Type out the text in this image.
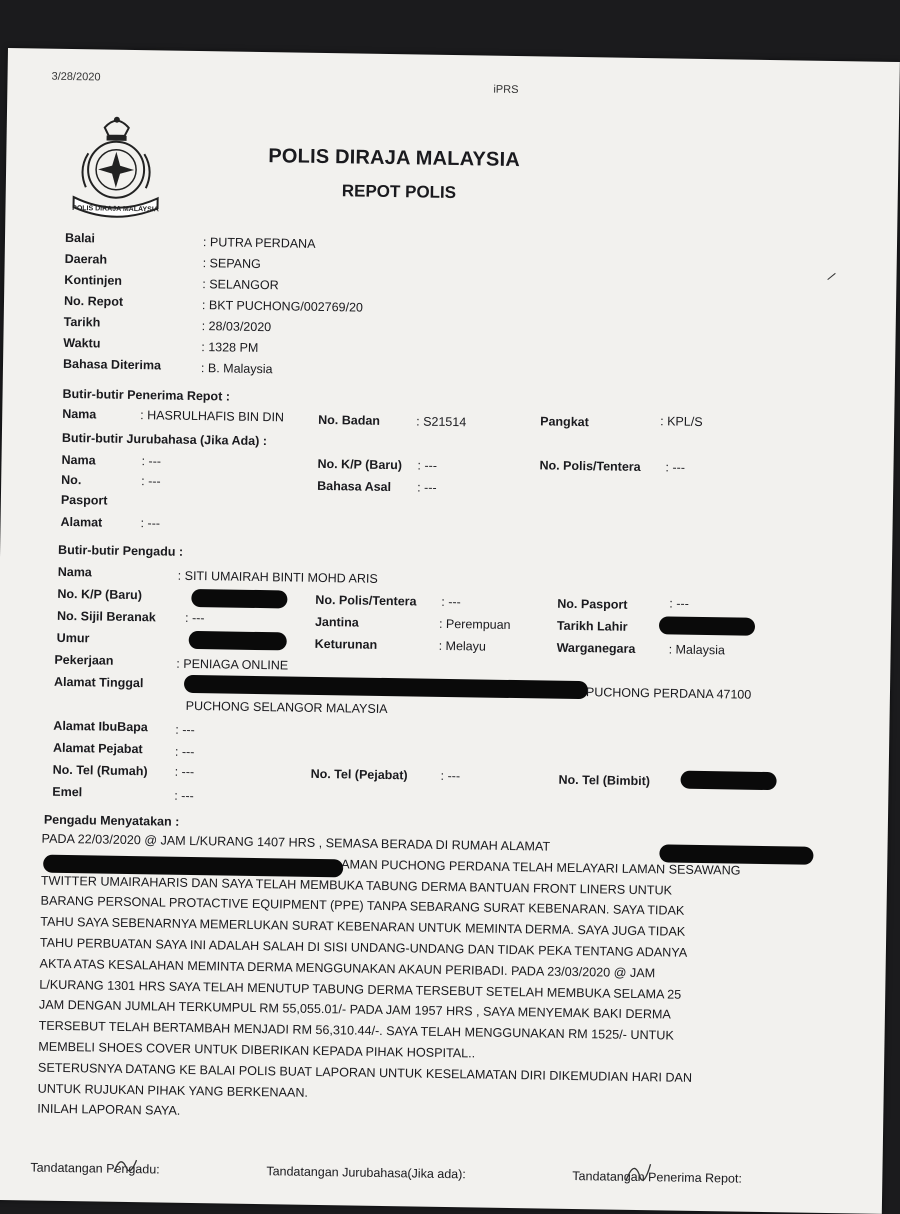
3/28/2020
iPRS
POLIS DIRAJA MALAYSIA
POLIS DIRAJA MALAYSIA
REPOT POLIS
Balai	: PUTRA PERDANA
Daerah	: SEPANG
Kontinjen	: SELANGOR
No. Repot	: BKT PUCHONG/002769/20
Tarikh	: 28/03/2020
Waktu	: 1328 PM
Bahasa Diterima	: B. Malaysia
Butir-butir Penerima Repot :
Nama	: HASRULHAFIS BIN DIN	No. Badan	: S21514	Pangkat	: KPL/S
Butir-butir Jurubahasa (Jika Ada) :
Nama	: ---	No. K/P (Baru) : ---	No. Polis/Tentera : ---
No.	: ---	Bahasa Asal : ---
Pasport
Alamat	: ---
Butir-butir Pengadu :
Nama	: SITI UMAIRAH BINTI MOHD ARIS
No. K/P (Baru)	No. Polis/Tentera : ---	No. Pasport	: ---
No. Sijil Beranak : ---	Jantina	: Perempuan	Tarikh Lahir
Umur	Keturunan	: Melayu	Warganegara	: Malaysia
Pekerjaan	: PENIAGA ONLINE
Alamat Tinggal
PUCHONG PERDANA 47100
PUCHONG SELANGOR MALAYSIA
Alamat IbuBapa : ---
Alamat Pejabat	: ---
No. Tel (Rumah) : ---	No. Tel (Pejabat)	: ---	No. Tel (Bimbit)
Emel	: ---
Pengadu Menyatakan :
PADA 22/03/2020 @ JAM L/KURANG 1407 HRS , SEMASA BERADA DI RUMAH ALAMAT
AMAN PUCHONG PERDANA TELAH MELAYARI LAMAN SESAWANG
TWITTER UMAIRAHARIS DAN SAYA TELAH MEMBUKA TABUNG DERMA BANTUAN FRONT LINERS UNTUK
BARANG PERSONAL PROTACTIVE EQUIPMENT (PPE) TANPA SEBARANG SURAT KEBENARAN. SAYA TIDAK
TAHU SAYA SEBENARNYA MEMERLUKAN SURAT KEBENARAN UNTUK MEMINTA DERMA. SAYA JUGA TIDAK
TAHU PERBUATAN SAYA INI ADALAH SALAH DI SISI UNDANG-UNDANG DAN TIDAK PEKA TENTANG ADANYA
AKTA ATAS KESALAHAN MEMINTA DERMA MENGGUNAKAN AKAUN PERIBADI. PADA 23/03/2020 @ JAM
L/KURANG 1301 HRS SAYA TELAH MENUTUP TABUNG DERMA TERSEBUT SETELAH MEMBUKA SELAMA 25
JAM DENGAN JUMLAH TERKUMPUL RM 55,055.01/- PADA JAM 1957 HRS , SAYA MENYEMAK BAKI DERMA
TERSEBUT TELAH BERTAMBAH MENJADI RM 56,310.44/-. SAYA TELAH MENGGUNAKAN RM 1525/- UNTUK
MEMBELI SHOES COVER UNTUK DIBERIKAN KEPADA PIHAK HOSPITAL..
SETERUSNYA DATANG KE BALAI POLIS BUAT LAPORAN UNTUK KESELAMATAN DIRI DIKEMUDIAN HARI DAN
UNTUK RUJUKAN PIHAK YANG BERKENAAN.
INILAH LAPORAN SAYA.
Tandatangan Pengadu:	Tandatangan Jurubahasa(Jika ada):	Tandatangan Penerima Repot:
